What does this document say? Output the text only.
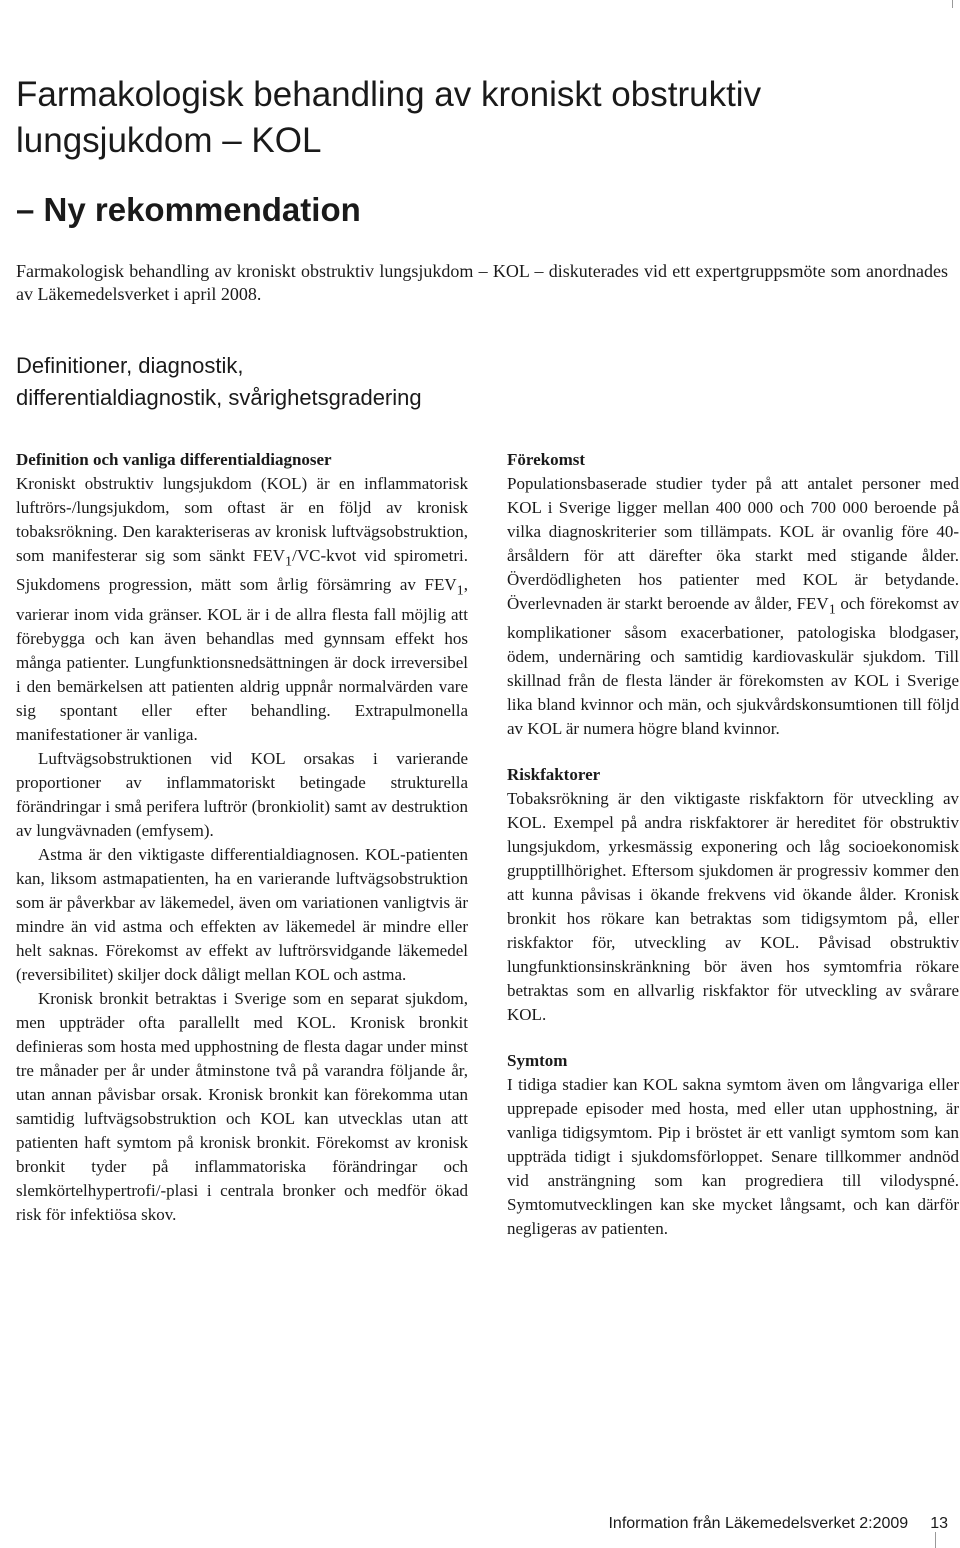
Farmakologisk behandling av kroniskt obstruktiv lungsjukdom – KOL
– Ny rekommendation

Farmakologisk behandling av kroniskt obstruktiv lungsjukdom – KOL – diskuterades vid ett expertgruppsmöte som anordnades av Läkemedelsverket i april 2008.

Definitioner, diagnostik, differentialdiagnostik, svårighetsgradering
Definition och vanliga differentialdiagnoser

Kroniskt obstruktiv lungsjukdom (KOL) är en inflammatorisk luftrörs-/lungsjukdom, som oftast är en följd av kronisk tobaksrökning. Den karakteriseras av kronisk luftvägsobstruktion, som manifesterar sig som sänkt $FEV_1/VC$-kvot vid spirometri. Sjukdomens progression, mätt som årlig försämring av $FEV_1$, varierar inom vida gränser. KOL är i de allra flesta fall möjlig att förebygga och kan även behandlas med gynnsam effekt hos många patienter. Lungfunktionsnedsättningen är dock irreversibel i den bemärkelsen att patienten aldrig uppnår normalvärden vare sig spontant eller efter behandling. Extrapulmonella manifestationer är vanliga.

Luftvägsobstruktionen vid KOL orsakas i varierande proportioner av inflammatoriskt betingade strukturella förändringar i små perifera luftrör (bronkiolit) samt av destruktion av lungvävnaden (emfysem).

Astma är den viktigaste differentialdiagnosen. KOL-patienten kan, liksom astmapatienten, ha en varierande luftvägsobstruktion som är påverkbar av läkemedel, även om variationen vanligtvis är mindre än vid astma och effekten av läkemedel är mindre eller helt saknas. Förekomst av effekt av luftrörsvidgande läkemedel (reversibilitet) skiljer dock dåligt mellan KOL och astma.

Kronisk bronkit betraktas i Sverige som en separat sjukdom, men uppträder ofta parallellt med KOL. Kronisk bronkit definieras som hosta med upphostning de flesta dagar under minst tre månader per år under åtminstone två på varandra följande år, utan annan påvisbar orsak. Kronisk bronkit kan förekomma utan samtidig luftvägsobstruktion och KOL kan utvecklas utan att patienten haft symtom på kronisk bronkit. Förekomst av kronisk bronkit tyder på inflammatoriska förändringar och slemkörtelhypertrofi/-plasi i centrala bronker och medför ökad risk för infektiösa skov.

Förekomst

Populationsbaserade studier tyder på att antalet personer med KOL i Sverige ligger mellan 400 000 och 700 000 beroende på vilka diagnoskriterier som tillämpats. KOL är ovanlig före 40-årsåldern för att därefter öka starkt med stigande ålder. Överdödligheten hos patienter med KOL är betydande. Överlevnaden är starkt beroende av ålder, $FEV_1$ och förekomst av komplikationer såsom exacerbationer, patologiska blodgaser, ödem, undernäring och samtidig kardiovaskulär sjukdom. Till skillnad från de flesta länder är förekomsten av KOL i Sverige lika bland kvinnor och män, och sjukvårdskonsumtionen till följd av KOL är numera högre bland kvinnor.

Riskfaktorer

Tobaksrökning är den viktigaste riskfaktorn för utveckling av KOL. Exempel på andra riskfaktorer är hereditet för obstruktiv lungsjukdom, yrkesmässig exponering och låg socioekonomisk grupptillhörighet. Eftersom sjukdomen är progressiv kommer den att kunna påvisas i ökande frekvens vid ökande ålder. Kronisk bronkit hos rökare kan betraktas som tidigsymtom på, eller riskfaktor för, utveckling av KOL. Påvisad obstruktiv lungfunktionsinskränkning bör även hos symtomfria rökare betraktas som en allvarlig riskfaktor för utveckling av svårare KOL.

Symtom

I tidiga stadier kan KOL sakna symtom även om långvariga eller upprepade episoder med hosta, med eller utan upphostning, är vanliga tidigsymtom. Pip i bröstet är ett vanligt symtom som kan uppträda tidigt i sjukdomsförloppet. Senare tillkommer andnöd vid ansträngning som kan progrediera till vilodyspné. Symtomutvecklingen kan ske mycket långsamt, och kan därför negligeras av patienten.

Information från Läkemedelsverket 2:2009 13
